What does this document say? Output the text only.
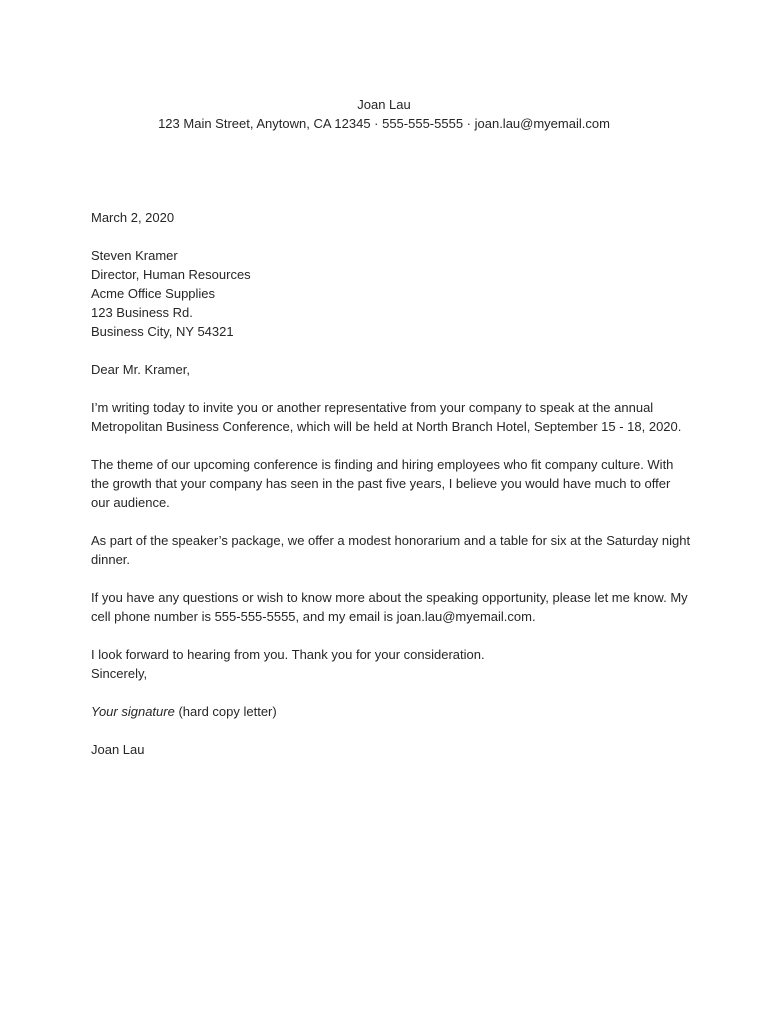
Joan Lau
123 Main Street, Anytown, CA 12345 · 555-555-5555 · joan.lau@myemail.com

March 2, 2020

Steven Kramer
Director, Human Resources
Acme Office Supplies
123 Business Rd.
Business City, NY 54321

Dear Mr. Kramer,

I’m writing today to invite you or another representative from your company to speak at the annual Metropolitan Business Conference, which will be held at North Branch Hotel, September 15 - 18, 2020.

The theme of our upcoming conference is finding and hiring employees who fit company culture. With the growth that your company has seen in the past five years, I believe you would have much to offer our audience.

As part of the speaker’s package, we offer a modest honorarium and a table for six at the Saturday night dinner.

If you have any questions or wish to know more about the speaking opportunity, please let me know. My cell phone number is 555-555-5555, and my email is joan.lau@myemail.com.

I look forward to hearing from you. Thank you for your consideration.
Sincerely,

Your signature (hard copy letter)

Joan Lau
